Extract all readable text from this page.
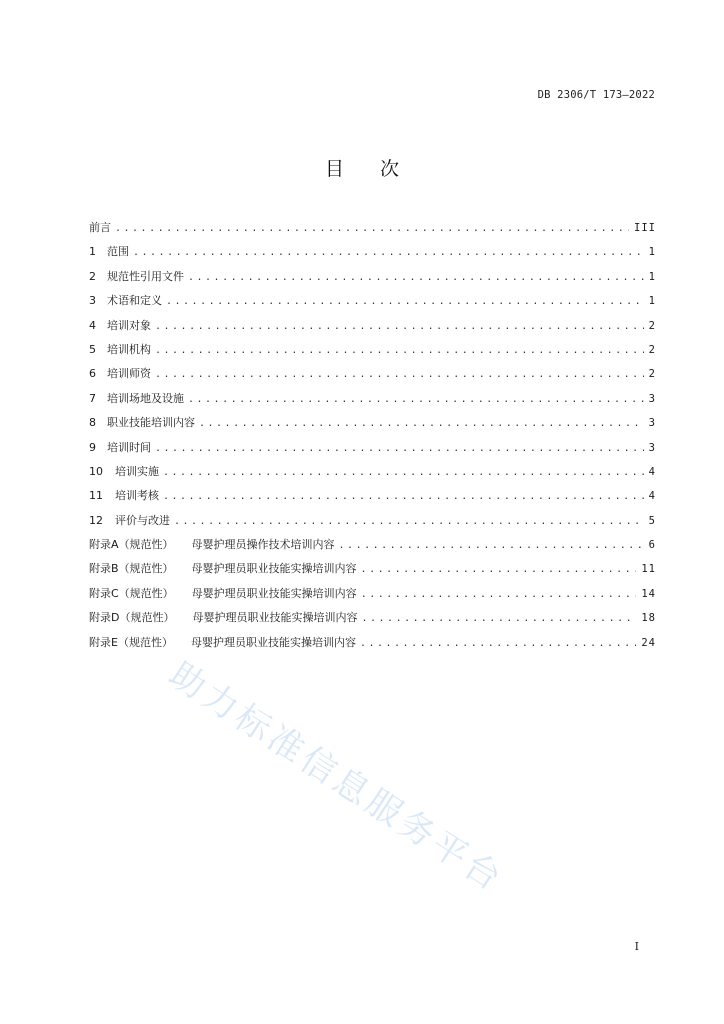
DB 2306/T 173—2022
目次
前言 .....	III
1	范围 .....	1
2	规范性引用文件 .....	1
3	术语和定义 .....	1
4	培训对象 .....	2
5	培训机构 .....	2
6	培训师资 .....	2
7	培训场地及设施 .....	3
8	职业技能培训内容 .....	3
9	培训时间 .....	3
10	培训实施 .....	4
11	培训考核 .....	4
12	评价与改进 .....	5
附录A（规范性）	母婴护理员操作技术培训内容 .....	6
附录B（规范性）	母婴护理员职业技能实操培训内容 .....	11
附录C（规范性）	母婴护理员职业技能实操培训内容 .....	14
附录D（规范性）	母婴护理员职业技能实操培训内容 .....	18
附录E（规范性）	母婴护理员职业技能实操培训内容 .....	24
助力标准信息服务平台
I
